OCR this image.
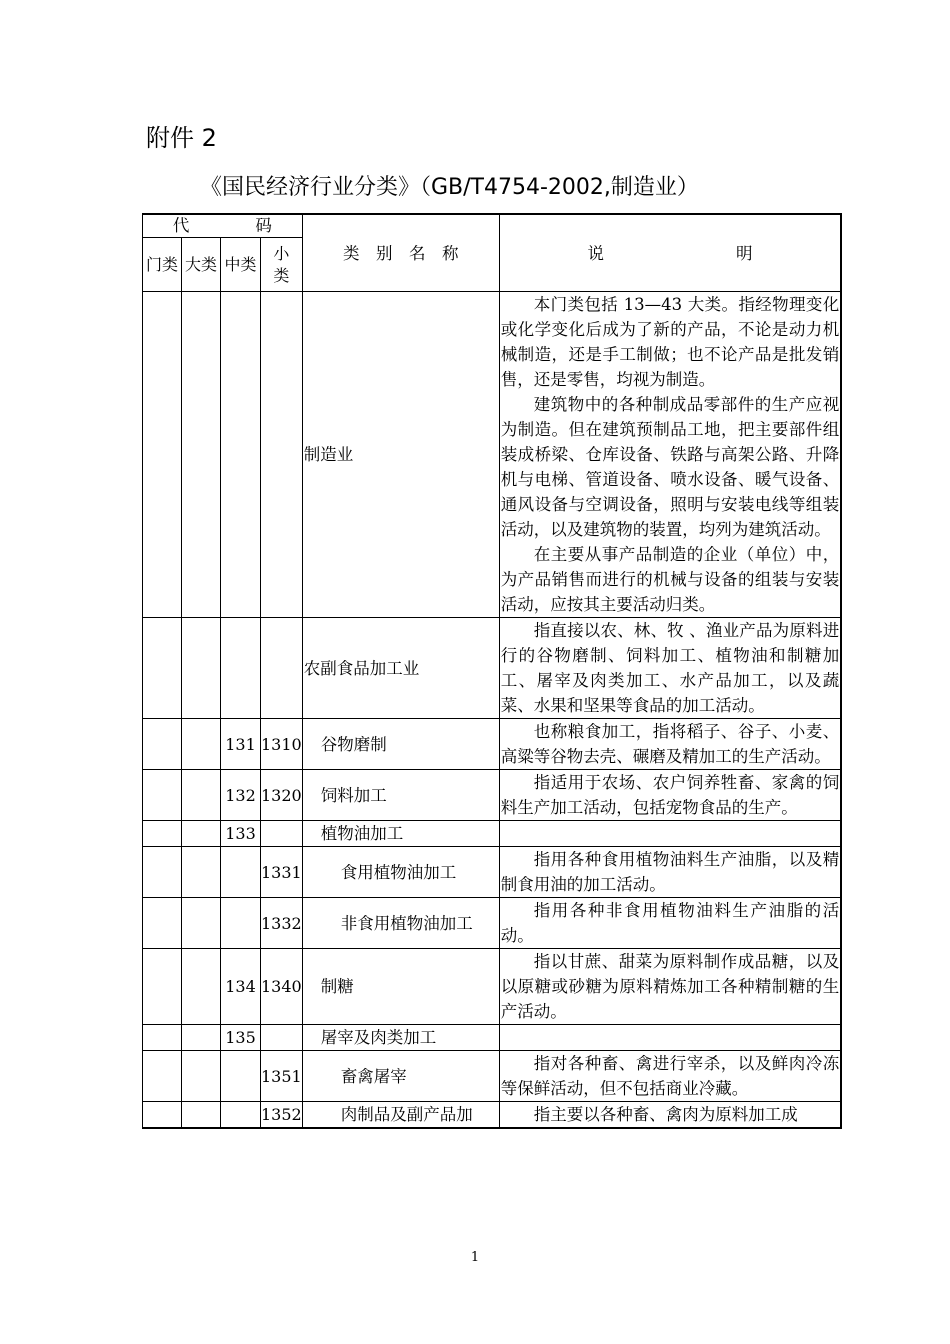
附件 2
《国民经济行业分类》（GB/T4754-2002,制造业）
代　　　　码				类　别　名　称	说　　　　　　　　明
门类	大类	中类	小类		
				制造业	本门类包括 13—43 大类。指经物理变化或化学变化后成为了新的产品，不论是动力机械制造，还是手工制做；也不论产品是批发销售，还是零售，均视为制造。

建筑物中的各种制成品零部件的生产应视为制造。但在建筑预制品工地，把主要部件组装成桥梁、仓库设备、铁路与高架公路、升降机与电梯、管道设备、喷水设备、暖气设备、通风设备与空调设备，照明与安装电线等组装活动，以及建筑物的装置，均列为建筑活动。

在主要从事产品制造的企业（单位）中，为产品销售而进行的机械与设备的组装与安装活动，应按其主要活动归类。

				农副食品加工业	指直接以农、林、牧 、渔业产品为原料进行的谷物磨制、饲料加工、植物油和制糖加工、屠宰及肉类加工、水产品加工，以及蔬菜、水果和坚果等食品的加工活动。

		131	1310	谷物磨制	也称粮食加工，指将稻子、谷子、小麦、高粱等谷物去壳、碾磨及精加工的生产活动。

		132	1320	饲料加工	指适用于农场、农户饲养牲畜、家禽的饲料生产加工活动，包括宠物食品的生产。

		133		植物油加工	
			1331	食用植物油加工	指用各种食用植物油料生产油脂，以及精制食用油的加工活动。

			1332	非食用植物油加工	指用各种非食用植物油料生产油脂的活动。

		134	1340	制糖	指以甘蔗、甜菜为原料制作成品糖，以及以原糖或砂糖为原料精炼加工各种精制糖的生产活动。

		135		屠宰及肉类加工	
			1351	畜禽屠宰	指对各种畜、禽进行宰杀，以及鲜肉冷冻等保鲜活动，但不包括商业冷藏。

			1352	肉制品及副产品加	指主要以各种畜、禽肉为原料加工成

1
